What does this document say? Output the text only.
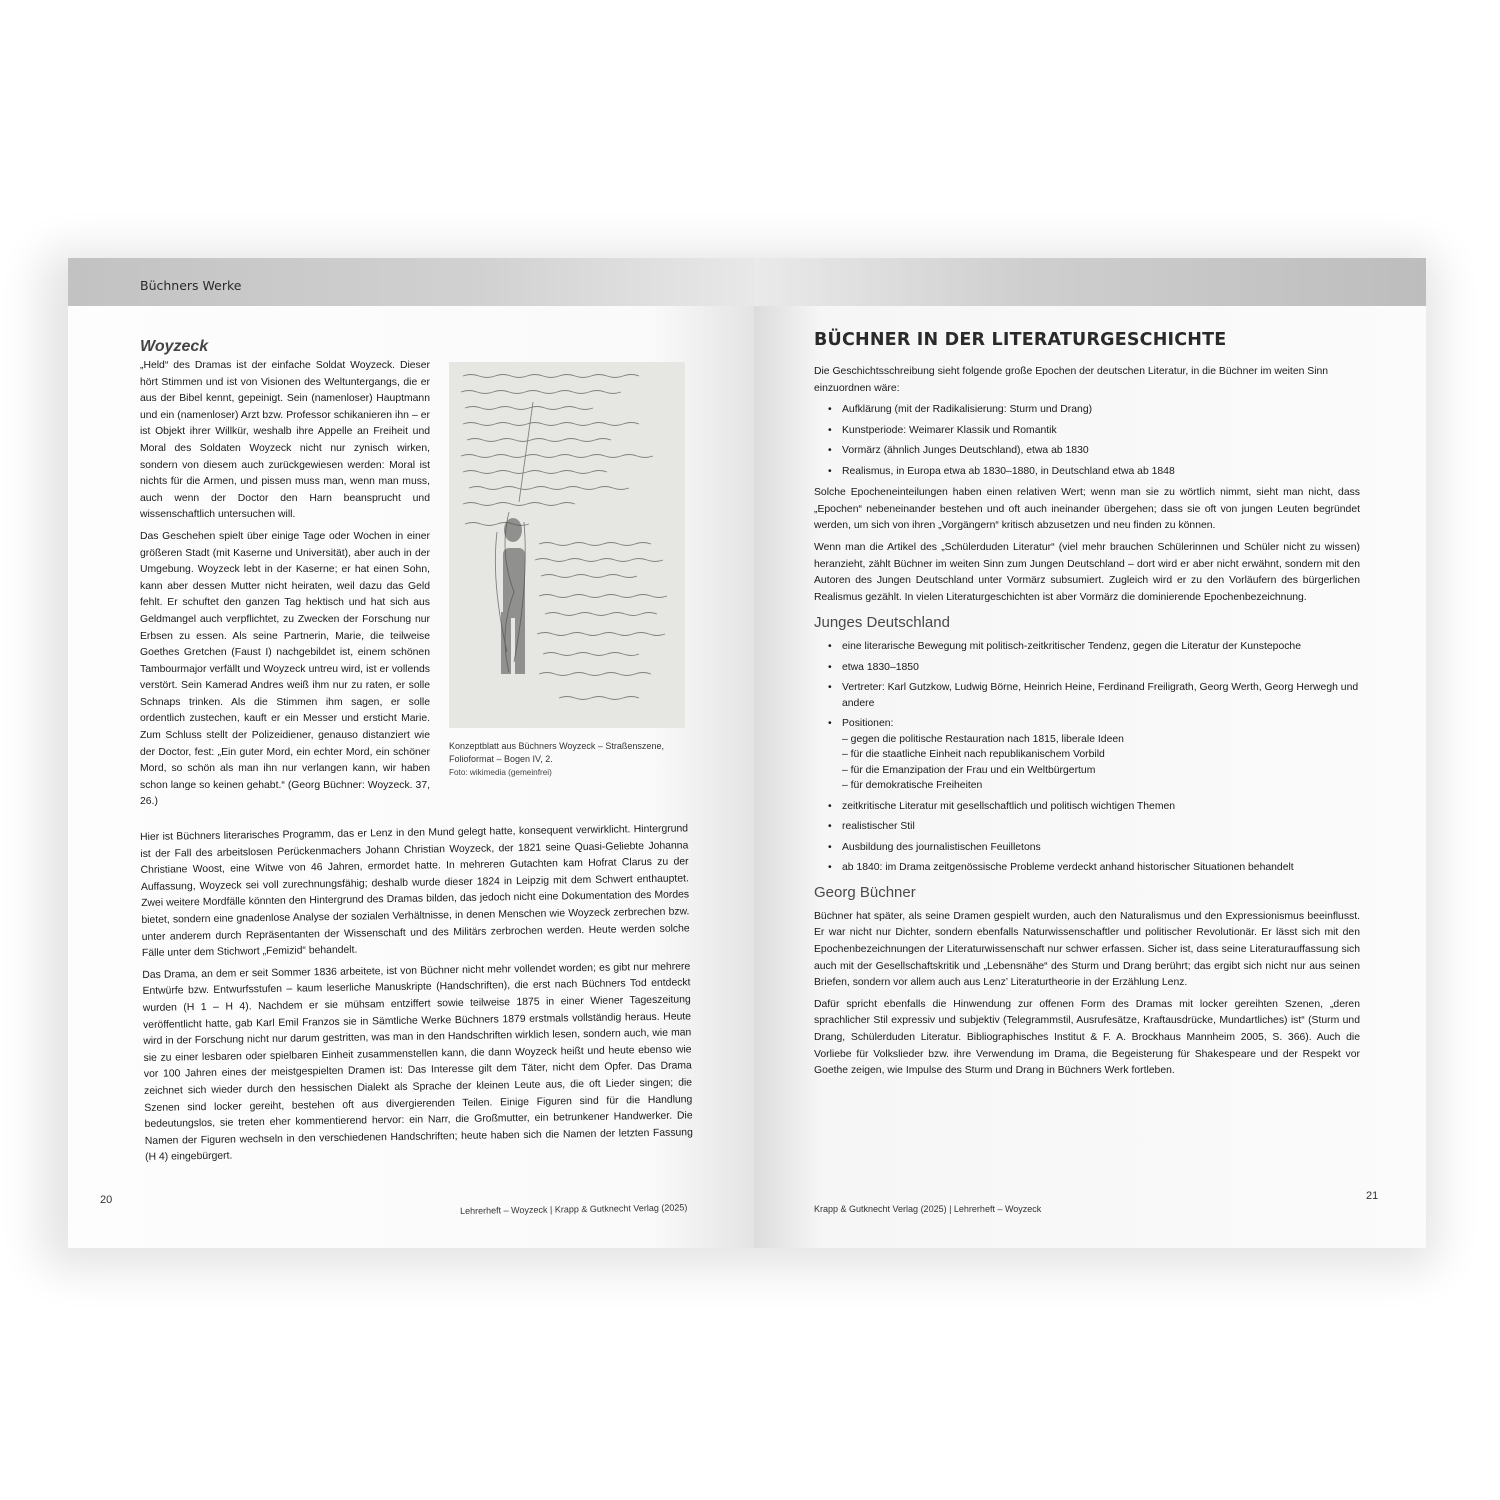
Büchners Werke
Woyzeck

„Held“ des Dramas ist der einfache Soldat Woyzeck. Dieser hört Stimmen und ist von Visionen des Weltuntergangs, die er aus der Bibel kennt, gepeinigt. Sein (namenloser) Hauptmann und ein (namenloser) Arzt bzw. Professor schikanieren ihn – er ist Objekt ihrer Willkür, weshalb ihre Appelle an Freiheit und Moral des Soldaten Woyzeck nicht nur zynisch wirken, sondern von diesem auch zurückgewiesen werden: Moral ist nichts für die Armen, und pissen muss man, wenn man muss, auch wenn der Doctor den Harn beansprucht und wissenschaftlich untersuchen will.

Das Geschehen spielt über einige Tage oder Wochen in einer größeren Stadt (mit Kaserne und Universität), aber auch in der Umgebung. Woyzeck lebt in der Kaserne; er hat einen Sohn, kann aber dessen Mutter nicht heiraten, weil dazu das Geld fehlt. Er schuftet den ganzen Tag hektisch und hat sich aus Geldmangel auch verpflichtet, zu Zwecken der Forschung nur Erbsen zu essen. Als seine Partnerin, Marie, die teilweise Goethes Gretchen (Faust I) nachgebildet ist, einem schönen Tambourmajor verfällt und Woyzeck untreu wird, ist er vollends verstört. Sein Kamerad Andres weiß ihm nur zu raten, er solle Schnaps trinken. Als die Stimmen ihm sagen, er solle ordentlich zustechen, kauft er ein Messer und ersticht Marie. Zum Schluss stellt der Polizeidiener, genauso distanziert wie der Doctor, fest: „Ein guter Mord, ein echter Mord, ein schöner Mord, so schön als man ihn nur verlangen kann, wir haben schon lange so keinen gehabt.“ (Georg Büchner: Woyzeck. 37, 26.)

Konzeptblatt aus Büchners Woyzeck – Straßenszene, Folioformat – Bogen IV, 2.
Foto: wikimedia (gemeinfrei)

Hier ist Büchners literarisches Programm, das er Lenz in den Mund gelegt hatte, konsequent verwirklicht. Hintergrund ist der Fall des arbeitslosen Perückenmachers Johann Christian Woyzeck, der 1821 seine Quasi-Geliebte Johanna Christiane Woost, eine Witwe von 46 Jahren, ermordet hatte. In mehreren Gutachten kam Hofrat Clarus zu der Auffassung, Woyzeck sei voll zurechnungsfähig; deshalb wurde dieser 1824 in Leipzig mit dem Schwert enthauptet. Zwei weitere Mordfälle könnten den Hintergrund des Dramas bilden, das jedoch nicht eine Dokumentation des Mordes bietet, sondern eine gnadenlose Analyse der sozialen Verhältnisse, in denen Menschen wie Woyzeck zerbrechen bzw. unter anderem durch Repräsentanten der Wissenschaft und des Militärs zerbrochen werden. Heute werden solche Fälle unter dem Stichwort „Femizid“ behandelt.

Das Drama, an dem er seit Sommer 1836 arbeitete, ist von Büchner nicht mehr vollendet worden; es gibt nur mehrere Entwürfe bzw. Entwurfsstufen – kaum leserliche Manuskripte (Handschriften), die erst nach Büchners Tod entdeckt wurden (H 1 – H 4). Nachdem er sie mühsam entziffert sowie teilweise 1875 in einer Wiener Tageszeitung veröffentlicht hatte, gab Karl Emil Franzos sie in Sämtliche Werke Büchners 1879 erstmals vollständig heraus. Heute wird in der Forschung nicht nur darum gestritten, was man in den Handschriften wirklich lesen, sondern auch, wie man sie zu einer lesbaren oder spielbaren Einheit zusammenstellen kann, die dann Woyzeck heißt und heute ebenso wie vor 100 Jahren eines der meistgespielten Dramen ist: Das Interesse gilt dem Täter, nicht dem Opfer. Das Drama zeichnet sich wieder durch den hessischen Dialekt als Sprache der kleinen Leute aus, die oft Lieder singen; die Szenen sind locker gereiht, bestehen oft aus divergierenden Teilen. Einige Figuren sind für die Handlung bedeutungslos, sie treten eher kommentierend hervor: ein Narr, die Großmutter, ein betrunkener Handwerker. Die Namen der Figuren wechseln in den verschiedenen Handschriften; heute haben sich die Namen der letzten Fassung (H 4) eingebürgert.

20
Lehrerheft – Woyzeck | Krapp & Gutknecht Verlag (2025)
BÜCHNER IN DER LITERATURGESCHICHTE

Die Geschichtsschreibung sieht folgende große Epochen der deutschen Literatur, in die Büchner im weiten Sinn einzuordnen wäre:

• Aufklärung (mit der Radikalisierung: Sturm und Drang)
• Kunstperiode: Weimarer Klassik und Romantik
• Vormärz (ähnlich Junges Deutschland), etwa ab 1830
• Realismus, in Europa etwa ab 1830–1880, in Deutschland etwa ab 1848

Solche Epocheneinteilungen haben einen relativen Wert; wenn man sie zu wörtlich nimmt, sieht man nicht, dass „Epochen“ nebeneinander bestehen und oft auch ineinander übergehen; dass sie oft von jungen Leuten begründet werden, um sich von ihren „Vorgängern“ kritisch abzusetzen und neu finden zu können.

Wenn man die Artikel des „Schülerduden Literatur“ (viel mehr brauchen Schülerinnen und Schüler nicht zu wissen) heranzieht, zählt Büchner im weiten Sinn zum Jungen Deutschland – dort wird er aber nicht erwähnt, sondern mit den Autoren des Jungen Deutschland unter Vormärz subsumiert. Zugleich wird er zu den Vorläufern des bürgerlichen Realismus gezählt. In vielen Literaturgeschichten ist aber Vormärz die dominierende Epochenbezeichnung.

Junges Deutschland
• eine literarische Bewegung mit politisch-zeitkritischer Tendenz, gegen die Literatur der Kunstepoche
• etwa 1830–1850
• Vertreter: Karl Gutzkow, Ludwig Börne, Heinrich Heine, Ferdinand Freiligrath, Georg Werth, Georg Herwegh und andere
• Positionen:
– gegen die politische Restauration nach 1815, liberale Ideen
– für die staatliche Einheit nach republikanischem Vorbild
– für die Emanzipation der Frau und ein Weltbürgertum
– für demokratische Freiheiten
• zeitkritische Literatur mit gesellschaftlich und politisch wichtigen Themen
• realistischer Stil
• Ausbildung des journalistischen Feuilletons
• ab 1840: im Drama zeitgenössische Probleme verdeckt anhand historischer Situationen behandelt
Georg Büchner

Büchner hat später, als seine Dramen gespielt wurden, auch den Naturalismus und den Expressionismus beeinflusst. Er war nicht nur Dichter, sondern ebenfalls Naturwissenschaftler und politischer Revolutionär. Er lässt sich mit den Epochenbezeichnungen der Literaturwissenschaft nur schwer erfassen. Sicher ist, dass seine Literaturauffassung sich auch mit der Gesellschaftskritik und „Lebensnähe“ des Sturm und Drang berührt; das ergibt sich nicht nur aus seinen Briefen, sondern vor allem auch aus Lenz’ Literaturtheorie in der Erzählung Lenz.

Dafür spricht ebenfalls die Hinwendung zur offenen Form des Dramas mit locker gereihten Szenen, „deren sprachlicher Stil expressiv und subjektiv (Telegrammstil, Ausrufesätze, Kraftausdrücke, Mundartliches) ist“ (Sturm und Drang, Schülerduden Literatur. Bibliographisches Institut & F. A. Brockhaus Mannheim 2005, S. 366). Auch die Vorliebe für Volkslieder bzw. ihre Verwendung im Drama, die Begeisterung für Shakespeare und der Respekt vor Goethe zeigen, wie Impulse des Sturm und Drang in Büchners Werk fortleben.

21
Krapp & Gutknecht Verlag (2025) | Lehrerheft – Woyzeck
